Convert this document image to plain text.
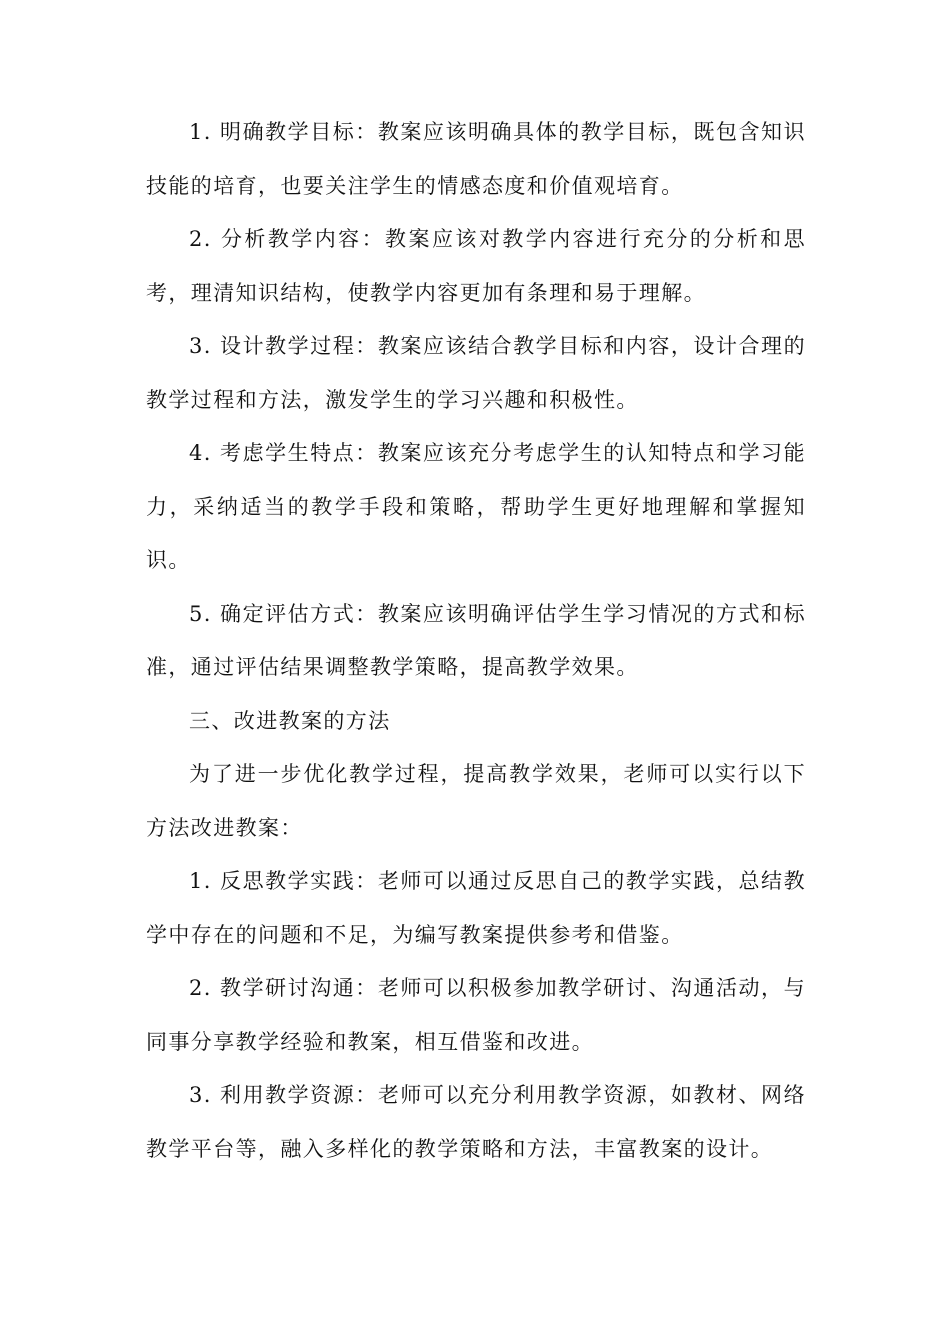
1. 明确教学目标：教案应该明确具体的教学目标，既包含知识技能的培育，也要关注学生的情感态度和价值观培育。

2. 分析教学内容：教案应该对教学内容进行充分的分析和思考，理清知识结构，使教学内容更加有条理和易于理解。

3. 设计教学过程：教案应该结合教学目标和内容，设计合理的教学过程和方法，激发学生的学习兴趣和积极性。

4. 考虑学生特点：教案应该充分考虑学生的认知特点和学习能力，采纳适当的教学手段和策略，帮助学生更好地理解和掌握知识。

5. 确定评估方式：教案应该明确评估学生学习情况的方式和标准，通过评估结果调整教学策略，提高教学效果。

三、改进教案的方法

为了进一步优化教学过程，提高教学效果，老师可以实行以下方法改进教案：

1. 反思教学实践：老师可以通过反思自己的教学实践，总结教学中存在的问题和不足，为编写教案提供参考和借鉴。

2. 教学研讨沟通：老师可以积极参加教学研讨、沟通活动，与同事分享教学经验和教案，相互借鉴和改进。

3. 利用教学资源：老师可以充分利用教学资源，如教材、网络教学平台等，融入多样化的教学策略和方法，丰富教案的设计。
